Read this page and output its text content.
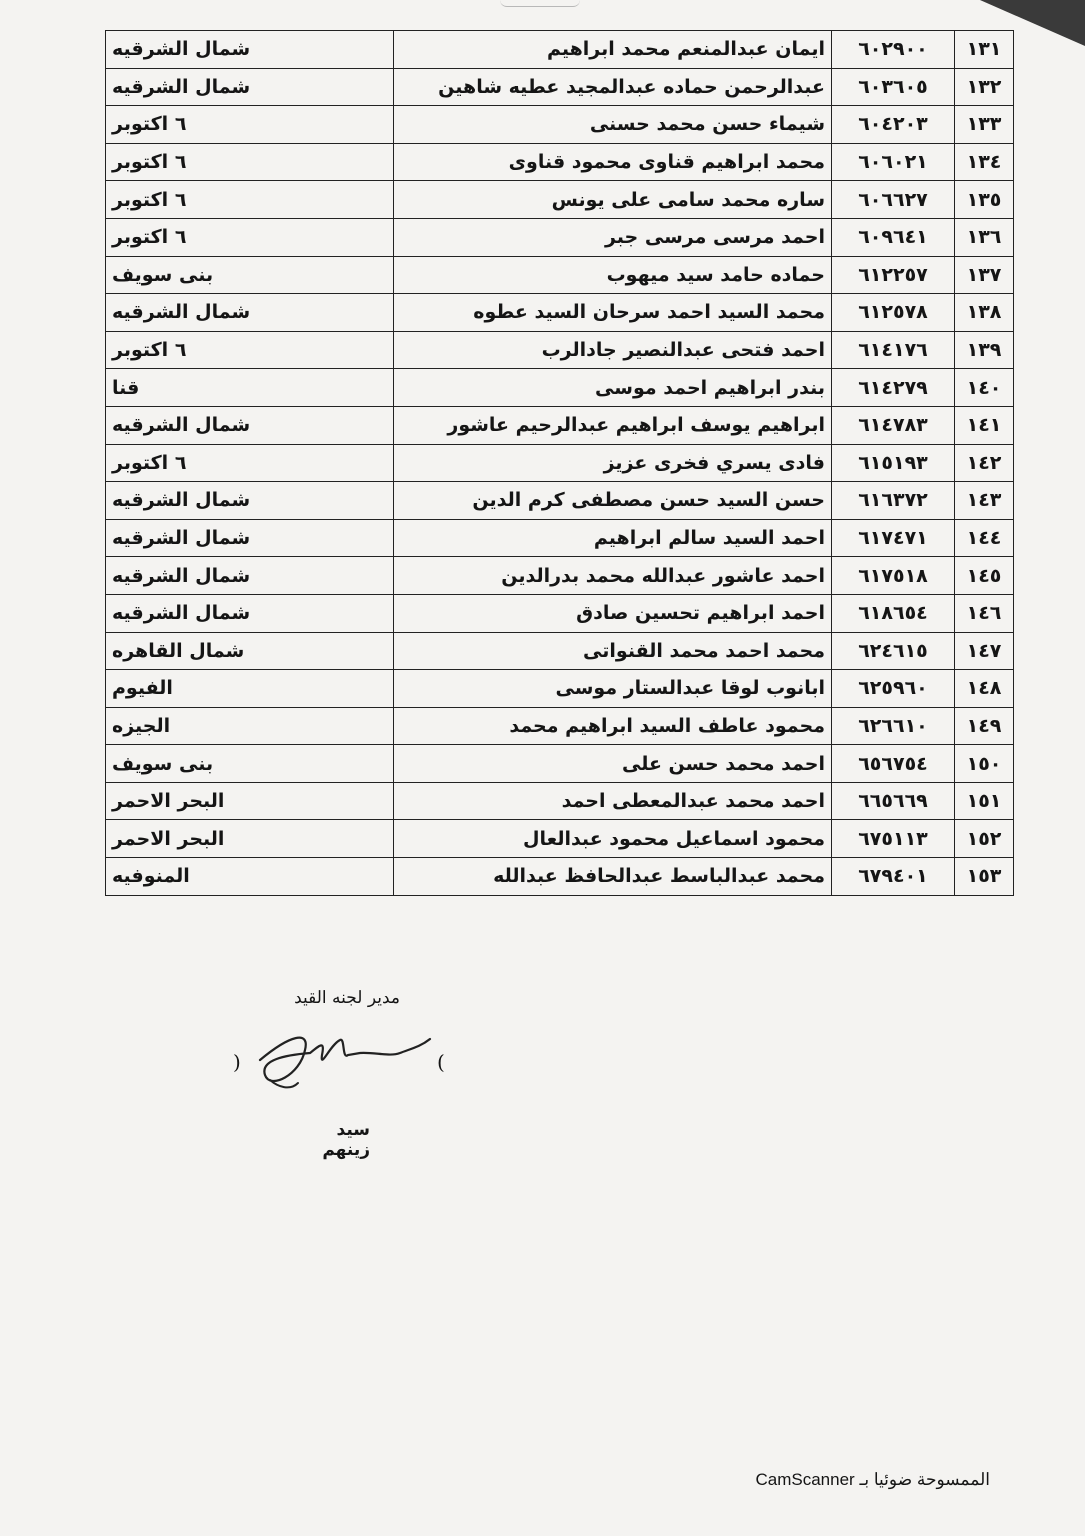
شمال الشرقيه	ايمان عبدالمنعم محمد ابراهيم	٦٠٢٩٠٠	١٣١
شمال الشرقيه	عبدالرحمن حماده عبدالمجيد عطيه شاهين	٦٠٣٦٠٥	١٣٢
٦ اكتوبر	شيماء حسن محمد حسنى	٦٠٤٢٠٣	١٣٣
٦ اكتوبر	محمد ابراهيم قناوى محمود قناوى	٦٠٦٠٢١	١٣٤
٦ اكتوبر	ساره محمد سامى على يونس	٦٠٦٦٢٧	١٣٥
٦ اكتوبر	احمد مرسى مرسى جبر	٦٠٩٦٤١	١٣٦
بنى سويف	حماده حامد سيد ميهوب	٦١٢٢٥٧	١٣٧
شمال الشرقيه	محمد السيد احمد سرحان السيد عطوه	٦١٢٥٧٨	١٣٨
٦ اكتوبر	احمد فتحى عبدالنصير جادالرب	٦١٤١٧٦	١٣٩
قنا	بندر ابراهيم احمد موسى	٦١٤٢٧٩	١٤٠
شمال الشرقيه	ابراهيم يوسف ابراهيم عبدالرحيم عاشور	٦١٤٧٨٣	١٤١
٦ اكتوبر	فادى يسري فخرى عزيز	٦١٥١٩٣	١٤٢
شمال الشرقيه	حسن السيد حسن مصطفى كرم الدين	٦١٦٣٧٢	١٤٣
شمال الشرقيه	احمد السيد سالم ابراهيم	٦١٧٤٧١	١٤٤
شمال الشرقيه	احمد عاشور عبدالله محمد بدرالدين	٦١٧٥١٨	١٤٥
شمال الشرقيه	احمد ابراهيم تحسين صادق	٦١٨٦٥٤	١٤٦
شمال القاهره	محمد احمد محمد القنواتى	٦٢٤٦١٥	١٤٧
الفيوم	ابانوب لوقا عبدالستار موسى	٦٢٥٩٦٠	١٤٨
الجيزه	محمود عاطف السيد ابراهيم محمد	٦٢٦٦١٠	١٤٩
بنى سويف	احمد محمد حسن على	٦٥٦٧٥٤	١٥٠
البحر الاحمر	احمد محمد عبدالمعطى احمد	٦٦٥٦٦٩	١٥١
البحر الاحمر	محمود اسماعيل محمود عبدالعال	٦٧٥١١٣	١٥٢
المنوفيه	محمد عبدالباسط عبدالحافظ عبدالله	٦٧٩٤٠١	١٥٣
مدير لجنه القيد
(
)
سيد زينهم
الممسوحة ضوئيا بـ CamScanner
